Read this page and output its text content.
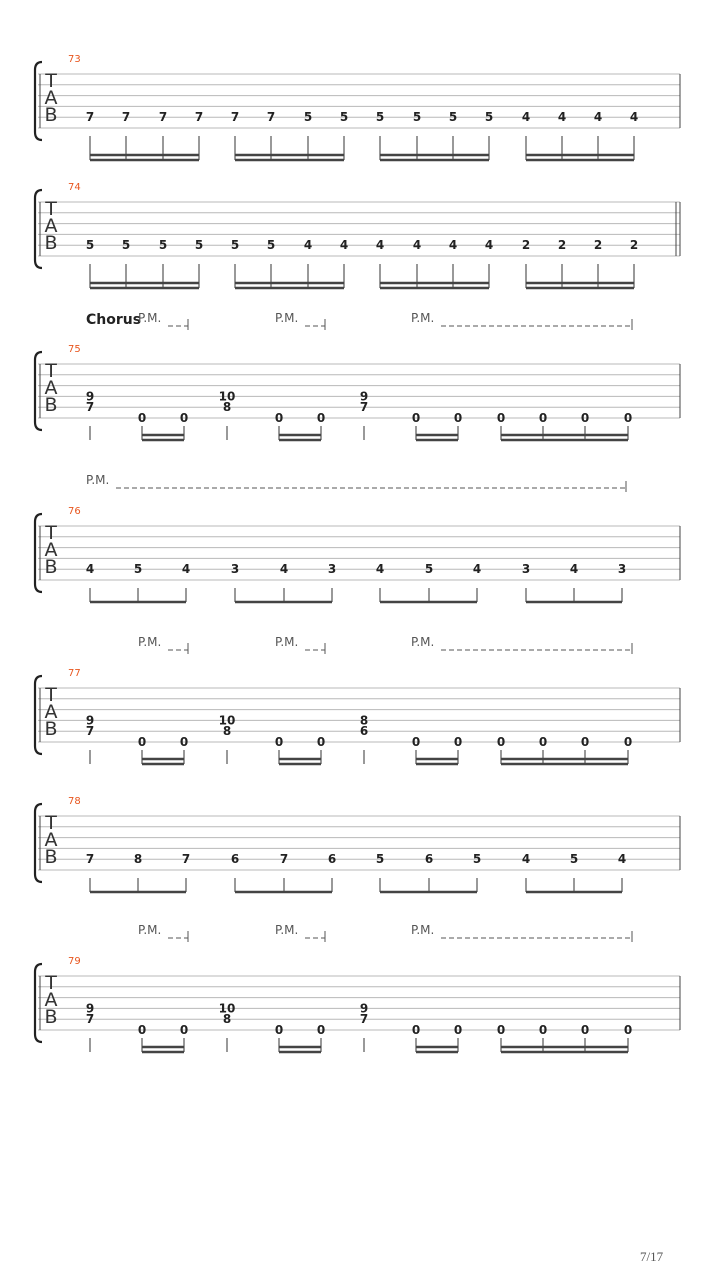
T
A
B
73
7 7 7 7 7 7 5 5 5 5 5 5 4 4 4 4
T
A
B
74
5 5 5 5 5 5 4 4 4 4 4 4 2 2 2 2
T
A
B
75
Chorus
P.M.	P.M.	P.M.
9
7
0	0
10
8
0	0
9
7
0	0	0	0	0	0
T
A
B
76
P.M.
4	5	4	3	4	3	4	5	4	3	4	3
T
A
B
77
P.M.	P.M.	P.M.
9
7
0	0
10
8
0	0
8
6
0	0	0	0	0	0
T
A
B
78
7	8	7	6	7	6	5	6	5	4	5	4
T
A
B
79
P.M.	P.M.	P.M.
9
7
0	0
10
8
0	0
9
7
0	0	0	0	0	0
7/17
